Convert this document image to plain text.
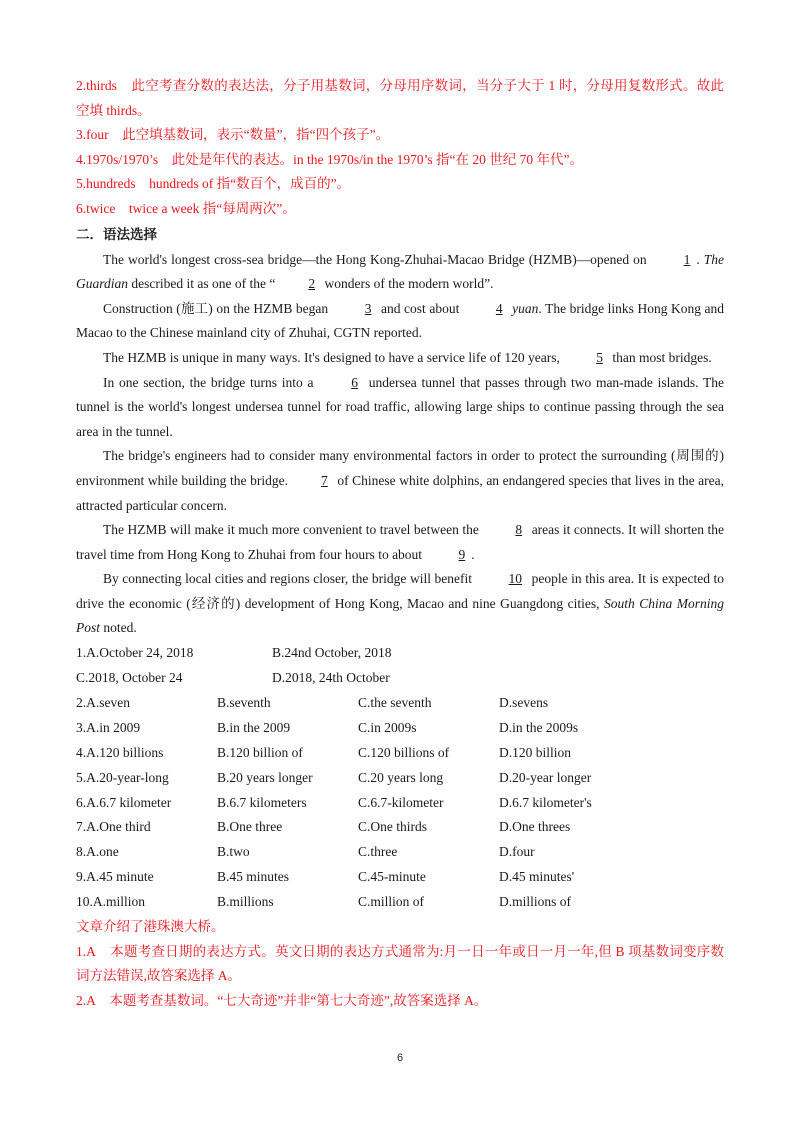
2.thirds 此空考查分数的表达法，分子用基数词，分母用序数词，当分子大于 1 时，分母用复数形式。故此空填 thirds。
3.four 此空填基数词，表示“数量”，指“四个孩子”。
4.1970s/1970’s 此处是年代的表达。in the 1970s/in the 1970’s 指“在 20 世纪 70 年代”。
5.hundreds hundreds of 指“数百个，成百的”。
6.twice twice a week 指“每周两次”。
二．语法选择

The world's longest cross-sea bridge—the Hong Kong-Zhuhai-Macao Bridge (HZMB)—opened on	1 . The Guardian described it as one of the “ 2 wonders of the modern world”.

Construction (施工) on the HZMB began	3 and cost about	4 yuan. The bridge links Hong Kong and Macao to the Chinese mainland city of Zhuhai, CGTN reported.

The HZMB is unique in many ways. It's designed to have a service life of 120 years,	5 than most bridges.

In one section, the bridge turns into a	6 undersea tunnel that passes through two man-made islands. The tunnel is the world's longest undersea tunnel for road traffic, allowing large ships to continue passing through the sea area in the tunnel.

The bridge's engineers had to consider many environmental factors in order to protect the surrounding (周围的) environment while building the bridge. 7 of Chinese white dolphins, an endangered species that lives in the area, attracted particular concern.

The HZMB will make it much more convenient to travel between the	8 areas it connects. It will shorten the travel time from Hong Kong to Zhuhai from four hours to about	9 .

By connecting local cities and regions closer, the bridge will benefit	10 people in this area. It is expected to drive the economic (经济的) development of Hong Kong, Macao and nine Guangdong cities, South China Morning Post noted.

1.A.October 24, 2018	B.24nd October, 2018
C.2018, October 24	D.2018, 24th October
2.A.seven	B.seventh	C.the seventh	D.sevens
3.A.in 2009	B.in the 2009	C.in 2009s	D.in the 2009s
4.A.120 billions	B.120 billion of	C.120 billions of	D.120 billion
5.A.20-year-long	B.20 years longer	C.20 years long	D.20-year longer
6.A.6.7 kilometer	B.6.7 kilometers	C.6.7-kilometer	D.6.7 kilometer's
7.A.One third	B.One three	C.One thirds	D.One threes
8.A.one	B.two	C.three	D.four
9.A.45 minute	B.45 minutes	C.45-minute	D.45 minutes'
10.A.million	B.millions	C.million of	D.millions of
文章介绍了港珠澳大桥。
1.A 本题考查日期的表达方式。英文日期的表达方式通常为:月一日一年或日一月一年,但 B 项基数词变序数词方法错误,故答案选择 A。
2.A 本题考查基数词。“七大奇迹”并非“第七大奇迹”,故答案选择 A。
6
